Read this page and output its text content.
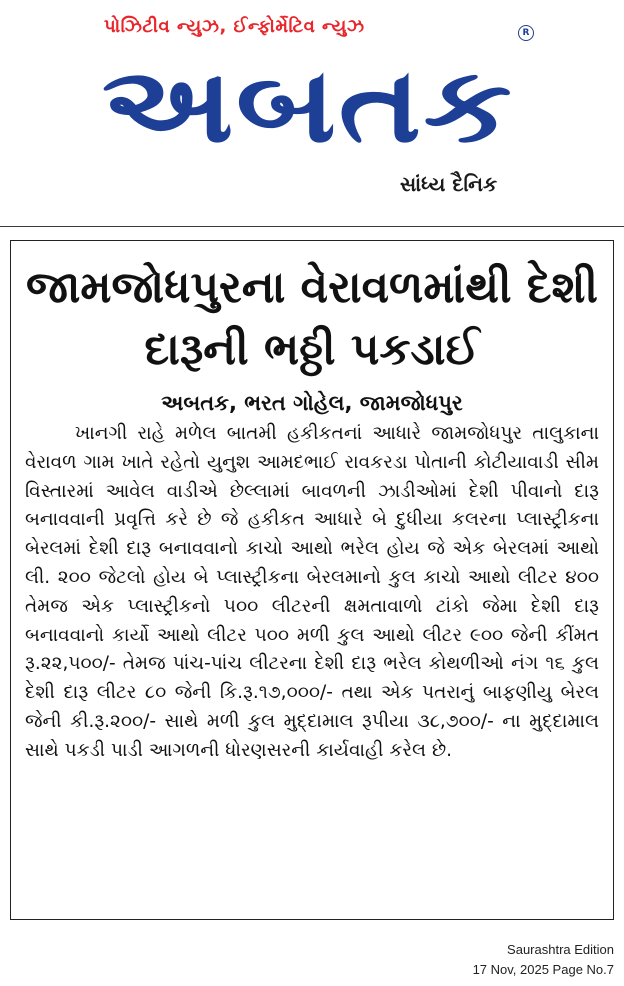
પોઝિટીવ ન્યુઝ, ઈન્ફોર્મેટિવ ન્યુઝ	R
અબતક
સાંધ્ય દૈનિક
જામજોધપુરના વેરાવળમાંથી દેશી દારૂની ભઠ્ઠી પકડાઈ
અબતક, ભરત ગોહેલ, જામજોધપુર

ખાનગી રાહે મળેલ બાતમી હકીકતનાં આધારે જામજોધપુર તાલુકાના વેરાવળ ગામ ખાતે રહેતો યુનુશ આમદભાઈ રાવકરડા પોતાની કોટીયાવાડી સીમ વિસ્તારમાં આવેલ વાડીએ છેલ્લામાં બાવળની ઝાડીઓમાં દેશી પીવાનો દારૂ બનાવવાની પ્રવૃત્તિ કરે છે જે હકીકત આધારે બે દુધીયા કલરના પ્લાસ્ટ્રીકના બેરલમાં દેશી દારૂ બનાવવાનો કાચો આથો ભરેલ હોય જે એક બેરલમાં આથો લી. ૨૦૦ જેટલો હોય બે પ્લાસ્ટ્રીકના બેરલમાનો કુલ કાચો આથો લીટર ૪૦૦ તેમજ એક પ્લાસ્ટ્રીકનો ૫૦૦ લીટરની ક્ષમતાવાળો ટાંકો જેમા દેશી દારૂ બનાવવાનો કાર્યો આથો લીટર ૫૦૦ મળી કુલ આથો લીટર ૯૦૦ જેની કીંમત રૂ.૨૨,૫૦૦/- તેમજ પાંચ-પાંચ લીટરના દેશી દારૂ ભરેલ કોથળીઓ નંગ ૧૬ કુલ દેશી દારૂ લીટર ૮૦ જેની કિ.રૂ.૧૭,૦૦૦/- તથા એક પતરાનું બાફણીયુ બેરલ જેની કી.રૂ.૨૦૦/- સાથે મળી કુલ મુદ્દામાલ રૂપીયા ૩૮,૭૦૦/- ના મુદ્દામાલ સાથે પકડી પાડી આગળની ધોરણસરની કાર્યવાહી કરેલ છે.

Saurashtra Edition
17 Nov, 2025 Page No.7
